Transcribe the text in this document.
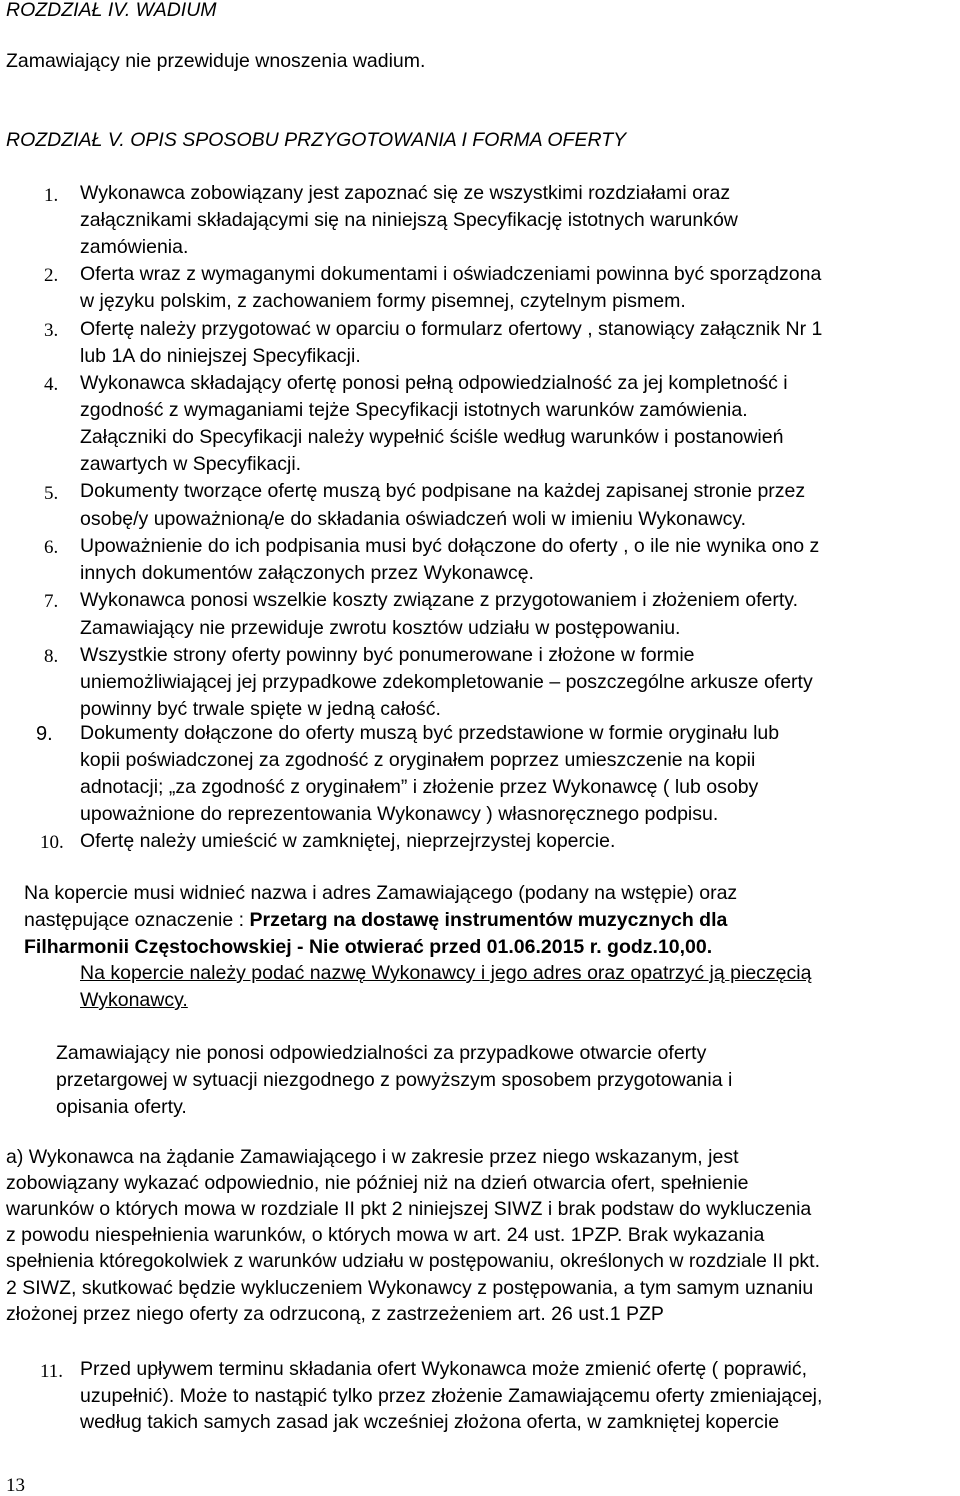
ROZDZIAŁ IV. WADIUM
Zamawiający nie przewiduje wnoszenia wadium.
ROZDZIAŁ V. OPIS SPOSOBU PRZYGOTOWANIA I FORMA OFERTY
1. Wykonawca zobowiązany jest zapoznać się ze wszystkimi rozdziałami oraz
załącznikami składającymi się na niniejszą Specyfikację istotnych warunków
zamówienia.
2. Oferta wraz z wymaganymi dokumentami i oświadczeniami powinna być sporządzona
w języku polskim, z zachowaniem formy pisemnej, czytelnym pismem.
3. Ofertę należy przygotować w oparciu o formularz ofertowy , stanowiący załącznik Nr 1
lub 1A do niniejszej Specyfikacji.
4. Wykonawca składający ofertę ponosi pełną odpowiedzialność za jej kompletność i
zgodność z wymaganiami tejże Specyfikacji istotnych warunków zamówienia.
Załączniki do Specyfikacji należy wypełnić ściśle według warunków i postanowień
zawartych w Specyfikacji.
5. Dokumenty tworzące ofertę muszą być podpisane na każdej zapisanej stronie przez
osobę/y upoważnioną/e do składania oświadczeń woli w imieniu Wykonawcy.
6. Upoważnienie do ich podpisania musi być dołączone do oferty , o ile nie wynika ono z
innych dokumentów załączonych przez Wykonawcę.
7. Wykonawca ponosi wszelkie koszty związane z przygotowaniem i złożeniem oferty.
Zamawiający nie przewiduje zwrotu kosztów udziału w postępowaniu.
8. Wszystkie strony oferty powinny być ponumerowane i złożone w formie
uniemożliwiającej jej przypadkowe zdekompletowanie – poszczególne arkusze oferty
powinny być trwale spięte w jedną całość.
9. Dokumenty dołączone do oferty muszą być przedstawione w formie oryginału lub
kopii poświadczonej za zgodność z oryginałem poprzez umieszczenie na kopii
adnotacji; „za zgodność z oryginałem” i złożenie przez Wykonawcę ( lub osoby
upoważnione do reprezentowania Wykonawcy ) własnoręcznego podpisu.
10. Ofertę należy umieścić w zamkniętej, nieprzejrzystej kopercie.
Na kopercie musi widnieć nazwa i adres Zamawiającego (podany na wstępie) oraz
następujące oznaczenie : Przetarg na dostawę instrumentów muzycznych dla
Filharmonii Częstochowskiej - Nie otwierać przed 01.06.2015 r. godz.10,00.
Na kopercie należy podać nazwę Wykonawcy i jego adres oraz opatrzyć ją pieczęcią
Wykonawcy.
Zamawiający nie ponosi odpowiedzialności za przypadkowe otwarcie oferty
przetargowej w sytuacji niezgodnego z powyższym sposobem przygotowania i
opisania oferty.
a) Wykonawca na żądanie Zamawiającego i w zakresie przez niego wskazanym, jest
zobowiązany wykazać odpowiednio, nie później niż na dzień otwarcia ofert, spełnienie
warunków o których mowa w rozdziale II pkt 2 niniejszej SIWZ i brak podstaw do wykluczenia
z powodu niespełnienia warunków, o których mowa w art. 24 ust. 1PZP. Brak wykazania
spełnienia któregokolwiek z warunków udziału w postępowaniu, określonych w rozdziale II pkt.
2 SIWZ, skutkować będzie wykluczeniem Wykonawcy z postępowania, a tym samym uznaniu
złożonej przez niego oferty za odrzuconą, z zastrzeżeniem art. 26 ust.1 PZP
11. Przed upływem terminu składania ofert Wykonawca może zmienić ofertę ( poprawić,
uzupełnić). Może to nastąpić tylko przez złożenie Zamawiającemu oferty zmieniającej,
według takich samych zasad jak wcześniej złożona oferta, w zamkniętej kopercie
13
